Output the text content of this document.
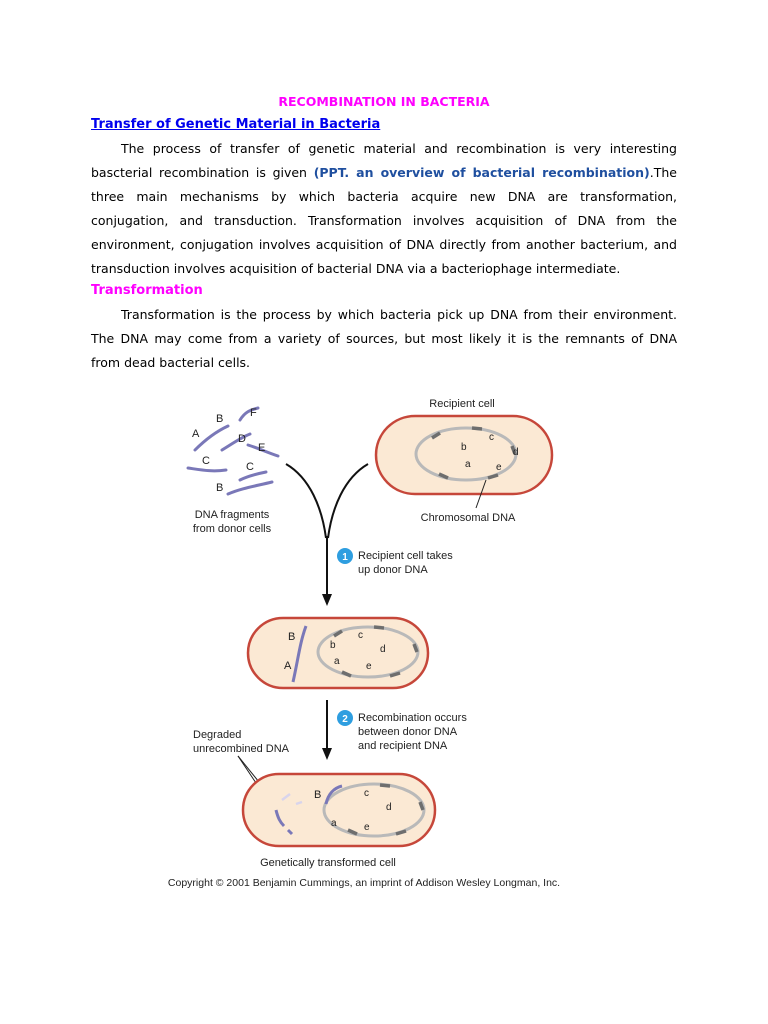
RECOMBINATION IN BACTERIA
Transfer of Genetic Material in Bacteria
The process of transfer of genetic material and recombination is very interesting
bascterial recombination is given (PPT. an overview of bacterial recombination).The
three main mechanisms by which bacteria acquire new DNA are transformation,
conjugation, and transduction. Transformation involves acquisition of DNA from the
environment, conjugation involves acquisition of DNA directly from another bacterium, and
transduction involves acquisition of bacterial DNA via a bacteriophage intermediate.
Transformation
Transformation is the process by which bacteria pick up DNA from their environment.
The DNA may come from a variety of sources, but most likely it is the remnants of DNA
from dead bacterial cells.
B F
A	D
E
C	C
B
DNA fragments
from donor cells
Recipient cell
b
c
d
a	e
Chromosomal DNA
1 Recipient cell takes
up donor DNA
b
c
d
a	e
B
A
2 Recombination occurs
between donor DNA
and recipient DNA
Degraded
unrecombined DNA
B	c
d
a	e
Genetically transformed cell
Copyright © 2001 Benjamin Cummings, an imprint of Addison Wesley Longman, Inc.
